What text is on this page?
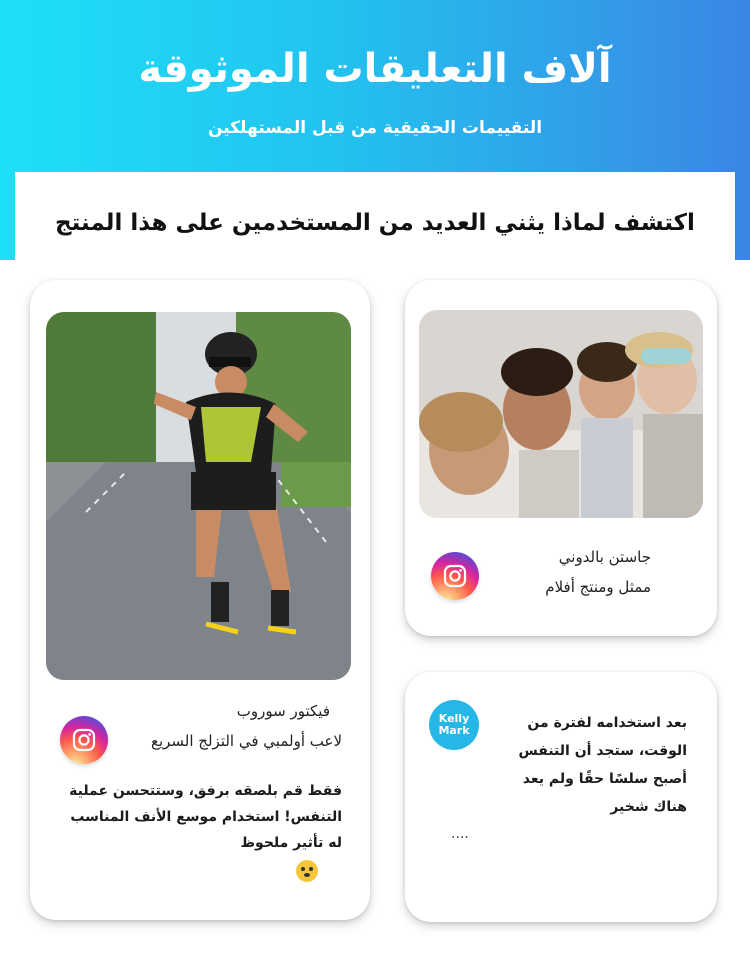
آلاف التعليقات الموثوقة
التقييمات الحقيقية من قبل المستهلكين
اكتشف لماذا يثني العديد من المستخدمين على هذا المنتج
فيكتور سوروب
لاعب أولمبي في التزلج السريع
فقط قم بلصقه برفق، وستتحسن عملية
التنفس! استخدام موسع الأنف المناسب
له تأثير ملحوظ
جاستن بالدوني
ممثل ومنتج أفلام
Kelly
Mark	بعد استخدامه لفترة من
الوقت، ستجد أن التنفس
أصبح سلسًا حقًا ولم يعد
هناك شخير
....
